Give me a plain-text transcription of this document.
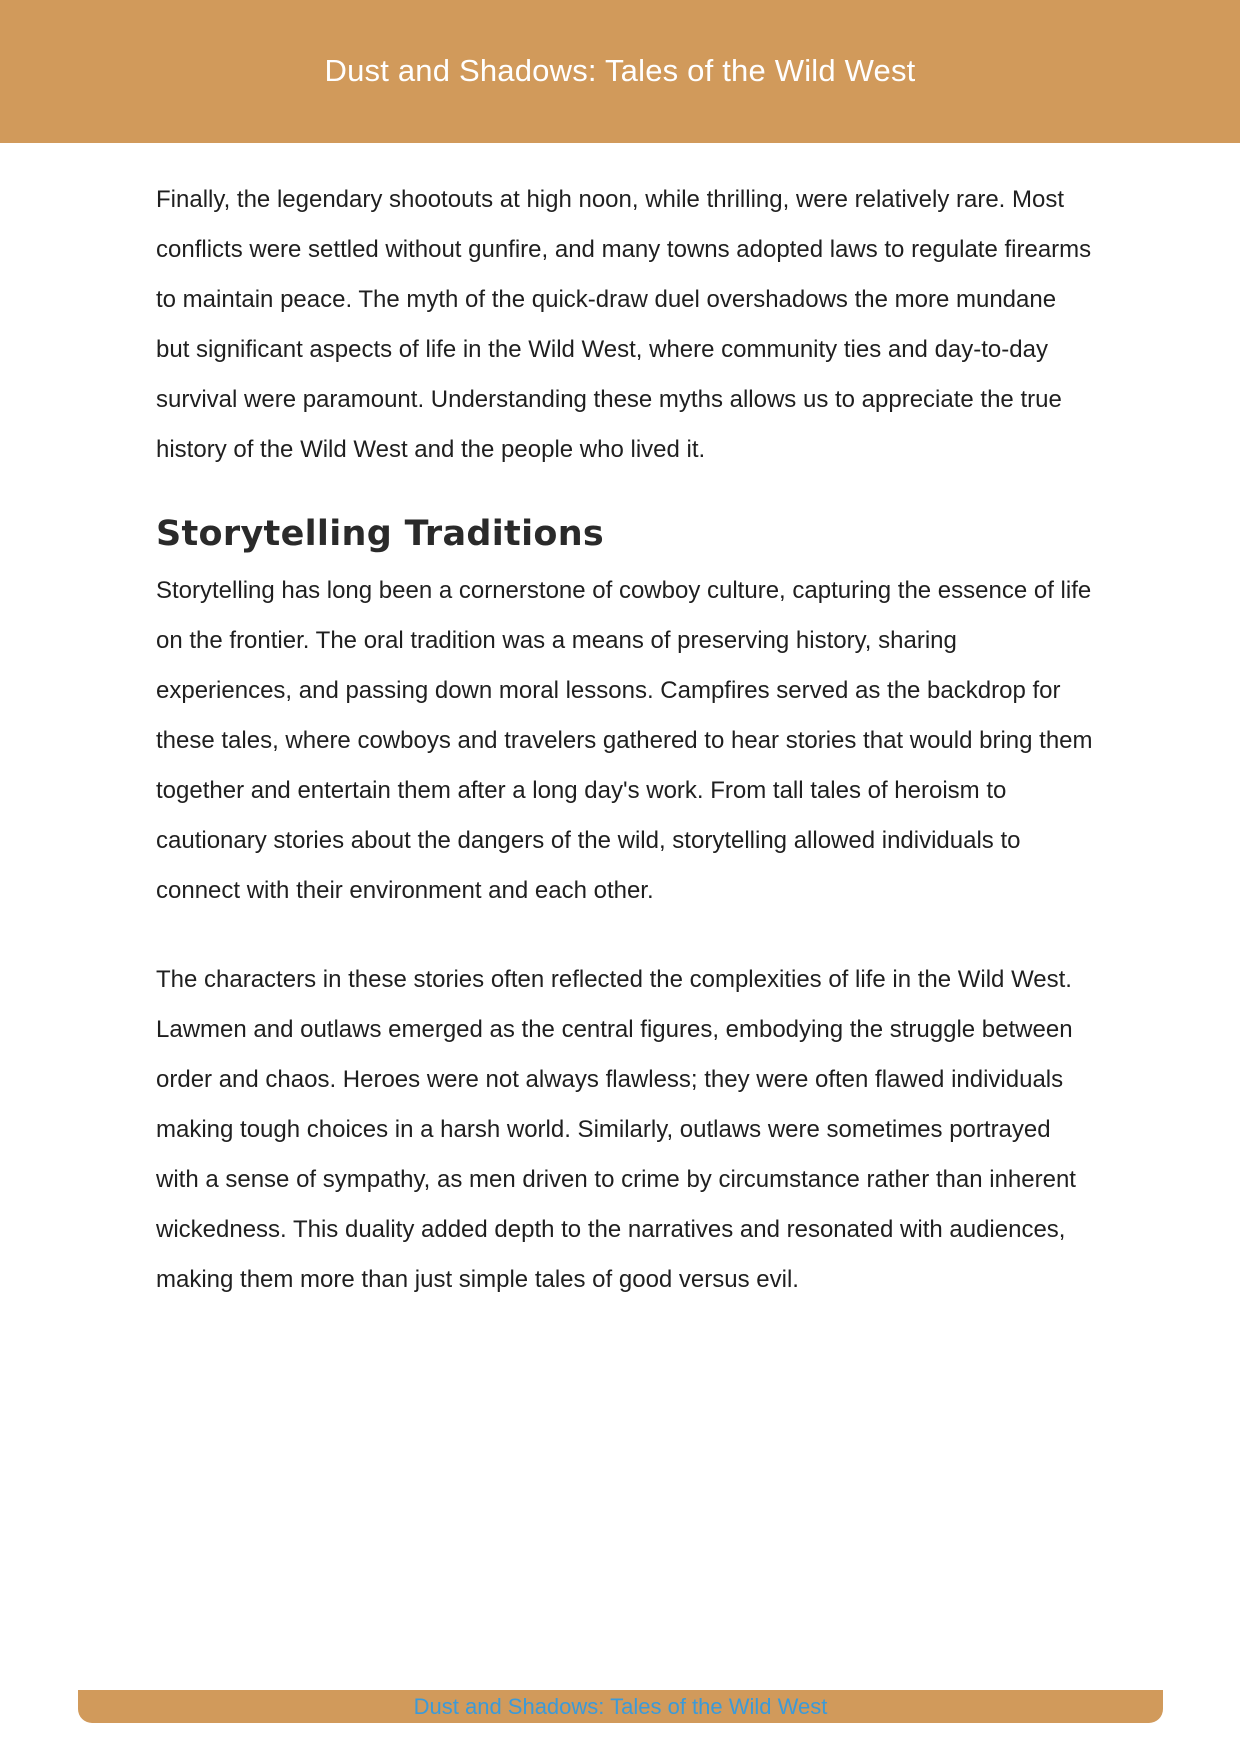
Dust and Shadows: Tales of the Wild West

Finally, the legendary shootouts at high noon, while thrilling, were relatively rare. Most conflicts were settled without gunfire, and many towns adopted laws to regulate firearms to maintain peace. The myth of the quick-draw duel overshadows the more mundane but significant aspects of life in the Wild West, where community ties and day-to-day survival were paramount. Understanding these myths allows us to appreciate the true history of the Wild West and the people who lived it.

Storytelling Traditions

Storytelling has long been a cornerstone of cowboy culture, capturing the essence of life on the frontier. The oral tradition was a means of preserving history, sharing experiences, and passing down moral lessons. Campfires served as the backdrop for these tales, where cowboys and travelers gathered to hear stories that would bring them together and entertain them after a long day's work. From tall tales of heroism to cautionary stories about the dangers of the wild, storytelling allowed individuals to connect with their environment and each other.

The characters in these stories often reflected the complexities of life in the Wild West. Lawmen and outlaws emerged as the central figures, embodying the struggle between order and chaos. Heroes were not always flawless; they were often flawed individuals making tough choices in a harsh world. Similarly, outlaws were sometimes portrayed with a sense of sympathy, as men driven to crime by circumstance rather than inherent wickedness. This duality added depth to the narratives and resonated with audiences, making them more than just simple tales of good versus evil.

Dust and Shadows: Tales of the Wild West
